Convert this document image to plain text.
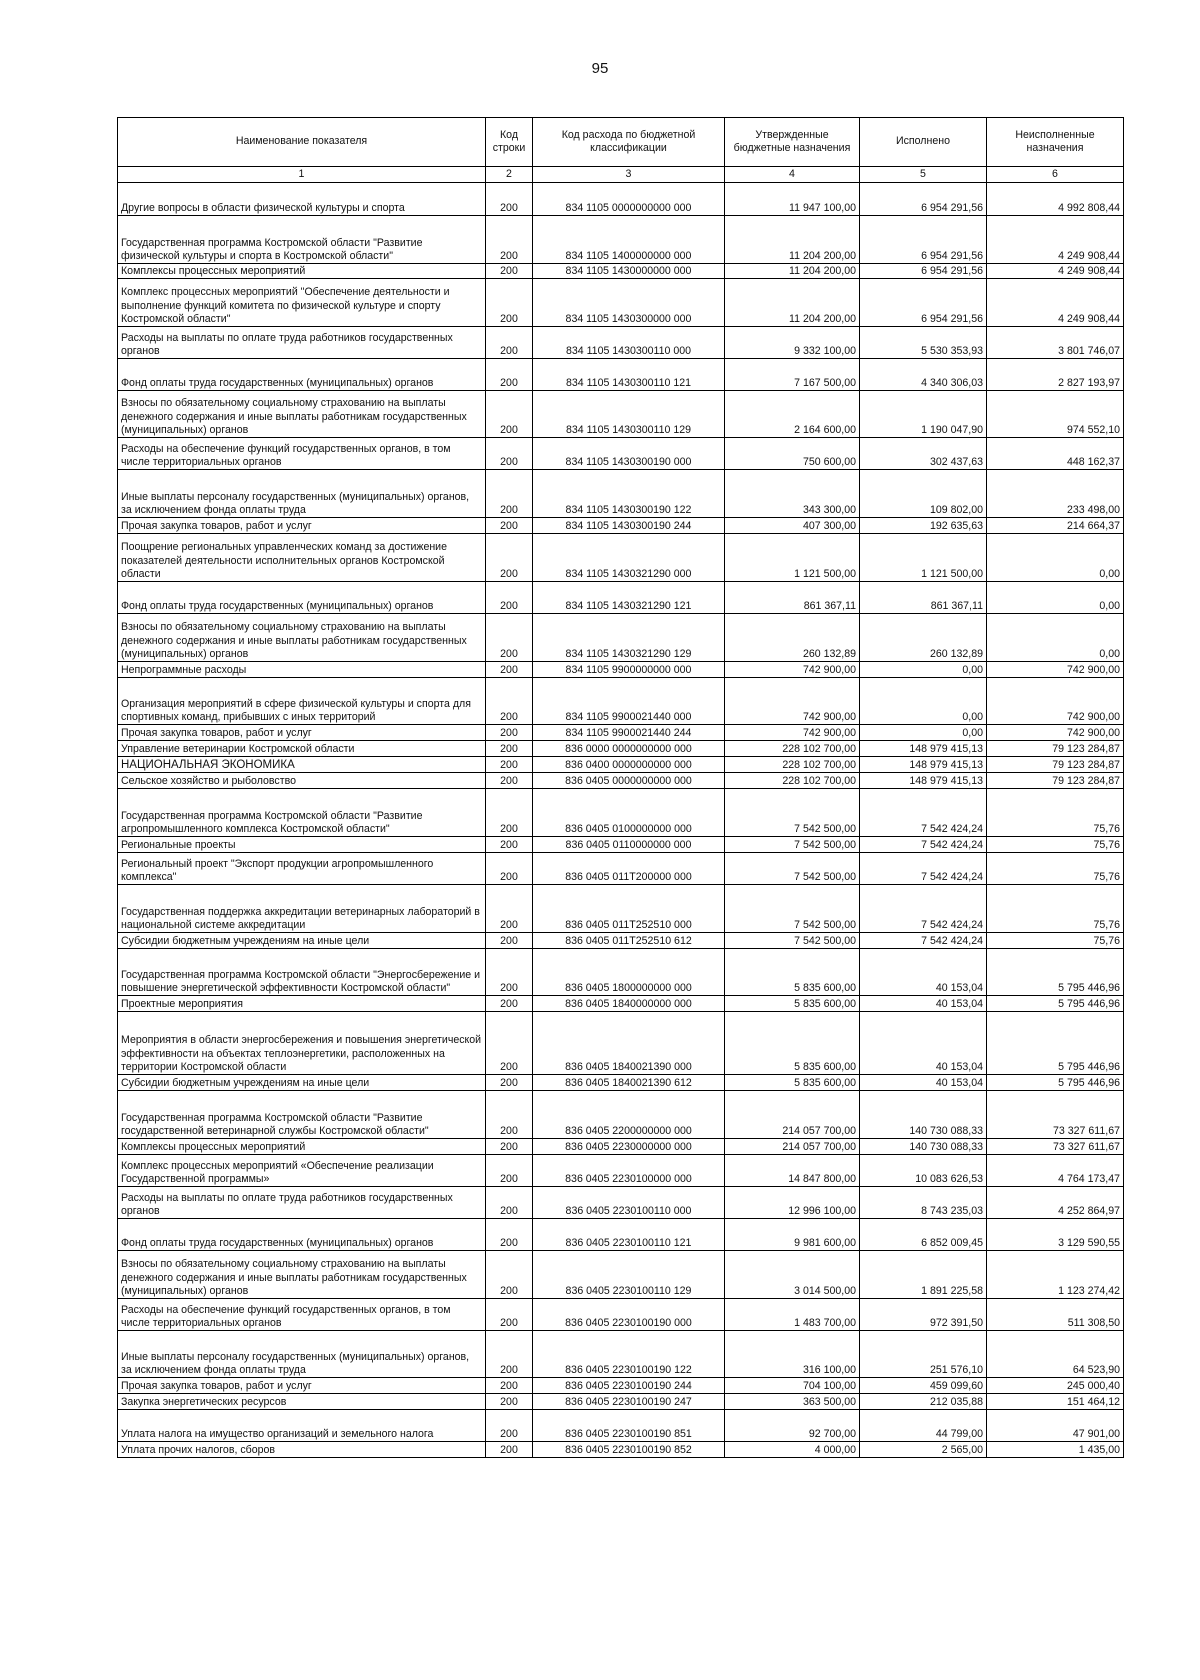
95
Наименование показателя	Код строки	Код расхода по бюджетной классификации	Утвержденные бюджетные назначения	Исполнено	Неисполненные назначения
1	2	3	4	5	6
Другие вопросы в области физической культуры и спорта	200	834 1105 0000000000 000	11 947 100,00	6 954 291,56	4 992 808,44
Государственная программа Костромской области "Развитие физической культуры и спорта в Костромской области"	200	834 1105 1400000000 000	11 204 200,00	6 954 291,56	4 249 908,44
Комплексы процессных мероприятий	200	834 1105 1430000000 000	11 204 200,00	6 954 291,56	4 249 908,44
Комплекс процессных мероприятий "Обеспечение деятельности и выполнение функций комитета по физической культуре и спорту Костромской области"	200	834 1105 1430300000 000	11 204 200,00	6 954 291,56	4 249 908,44
Расходы на выплаты по оплате труда работников государственных органов	200	834 1105 1430300110 000	9 332 100,00	5 530 353,93	3 801 746,07
Фонд оплаты труда государственных (муниципальных) органов	200	834 1105 1430300110 121	7 167 500,00	4 340 306,03	2 827 193,97
Взносы по обязательному социальному страхованию на выплаты денежного содержания и иные выплаты работникам государственных (муниципальных) органов	200	834 1105 1430300110 129	2 164 600,00	1 190 047,90	974 552,10
Расходы на обеспечение функций государственных органов, в том числе территориальных органов	200	834 1105 1430300190 000	750 600,00	302 437,63	448 162,37
Иные выплаты персоналу государственных (муниципальных) органов, за исключением фонда оплаты труда	200	834 1105 1430300190 122	343 300,00	109 802,00	233 498,00
Прочая закупка товаров, работ и услуг	200	834 1105 1430300190 244	407 300,00	192 635,63	214 664,37
Поощрение региональных управленческих команд за достижение показателей деятельности исполнительных органов Костромской области	200	834 1105 1430321290 000	1 121 500,00	1 121 500,00	0,00
Фонд оплаты труда государственных (муниципальных) органов	200	834 1105 1430321290 121	861 367,11	861 367,11	0,00
Взносы по обязательному социальному страхованию на выплаты денежного содержания и иные выплаты работникам государственных (муниципальных) органов	200	834 1105 1430321290 129	260 132,89	260 132,89	0,00
Непрограммные расходы	200	834 1105 9900000000 000	742 900,00	0,00	742 900,00
Организация мероприятий в сфере физической культуры и спорта для спортивных команд, прибывших с иных территорий	200	834 1105 9900021440 000	742 900,00	0,00	742 900,00
Прочая закупка товаров, работ и услуг	200	834 1105 9900021440 244	742 900,00	0,00	742 900,00
Управление ветеринарии Костромской области	200	836 0000 0000000000 000	228 102 700,00	148 979 415,13	79 123 284,87
НАЦИОНАЛЬНАЯ ЭКОНОМИКА	200	836 0400 0000000000 000	228 102 700,00	148 979 415,13	79 123 284,87
Сельское хозяйство и рыболовство	200	836 0405 0000000000 000	228 102 700,00	148 979 415,13	79 123 284,87
Государственная программа Костромской области "Развитие агропромышленного комплекса Костромской области"	200	836 0405 0100000000 000	7 542 500,00	7 542 424,24	75,76
Региональные проекты	200	836 0405 0110000000 000	7 542 500,00	7 542 424,24	75,76
Региональный проект "Экспорт продукции агропромышленного комплекса"	200	836 0405 011T200000 000	7 542 500,00	7 542 424,24	75,76
Государственная поддержка аккредитации ветеринарных лабораторий в национальной системе аккредитации	200	836 0405 011T252510 000	7 542 500,00	7 542 424,24	75,76
Субсидии бюджетным учреждениям на иные цели	200	836 0405 011T252510 612	7 542 500,00	7 542 424,24	75,76
Государственная программа Костромской области "Энергосбережение и повышение энергетической эффективности Костромской области"	200	836 0405 1800000000 000	5 835 600,00	40 153,04	5 795 446,96
Проектные мероприятия	200	836 0405 1840000000 000	5 835 600,00	40 153,04	5 795 446,96
Мероприятия в области энергосбережения и повышения энергетической эффективности на объектах теплоэнергетики, расположенных на территории Костромской области	200	836 0405 1840021390 000	5 835 600,00	40 153,04	5 795 446,96
Субсидии бюджетным учреждениям на иные цели	200	836 0405 1840021390 612	5 835 600,00	40 153,04	5 795 446,96
Государственная программа Костромской области "Развитие государственной ветеринарной службы Костромской области"	200	836 0405 2200000000 000	214 057 700,00	140 730 088,33	73 327 611,67
Комплексы процессных мероприятий	200	836 0405 2230000000 000	214 057 700,00	140 730 088,33	73 327 611,67
Комплекс процессных мероприятий «Обеспечение реализации Государственной программы»	200	836 0405 2230100000 000	14 847 800,00	10 083 626,53	4 764 173,47
Расходы на выплаты по оплате труда работников государственных органов	200	836 0405 2230100110 000	12 996 100,00	8 743 235,03	4 252 864,97
Фонд оплаты труда государственных (муниципальных) органов	200	836 0405 2230100110 121	9 981 600,00	6 852 009,45	3 129 590,55
Взносы по обязательному социальному страхованию на выплаты денежного содержания и иные выплаты работникам государственных (муниципальных) органов	200	836 0405 2230100110 129	3 014 500,00	1 891 225,58	1 123 274,42
Расходы на обеспечение функций государственных органов, в том числе территориальных органов	200	836 0405 2230100190 000	1 483 700,00	972 391,50	511 308,50
Иные выплаты персоналу государственных (муниципальных) органов, за исключением фонда оплаты труда	200	836 0405 2230100190 122	316 100,00	251 576,10	64 523,90
Прочая закупка товаров, работ и услуг	200	836 0405 2230100190 244	704 100,00	459 099,60	245 000,40
Закупка энергетических ресурсов	200	836 0405 2230100190 247	363 500,00	212 035,88	151 464,12
Уплата налога на имущество организаций и земельного налога	200	836 0405 2230100190 851	92 700,00	44 799,00	47 901,00
Уплата прочих налогов, сборов	200	836 0405 2230100190 852	4 000,00	2 565,00	1 435,00
